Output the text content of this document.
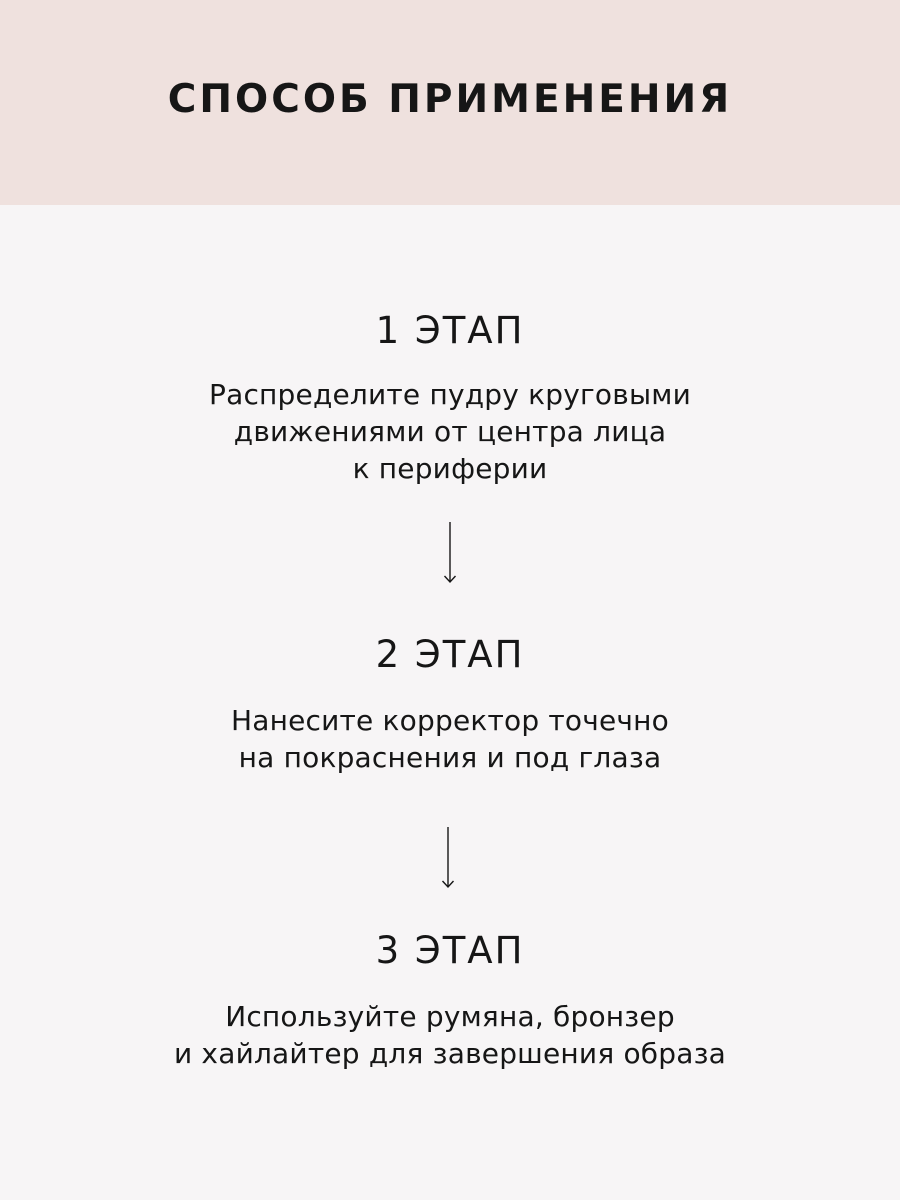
СПОСОБ ПРИМЕНЕНИЯ
1 ЭТАП

Распределите пудру круговыми
движениями от центра лица
к периферии

2 ЭТАП

Нанесите корректор точечно
на покраснения и под глаза

3 ЭТАП

Используйте румяна, бронзер
и хайлайтер для завершения образа
